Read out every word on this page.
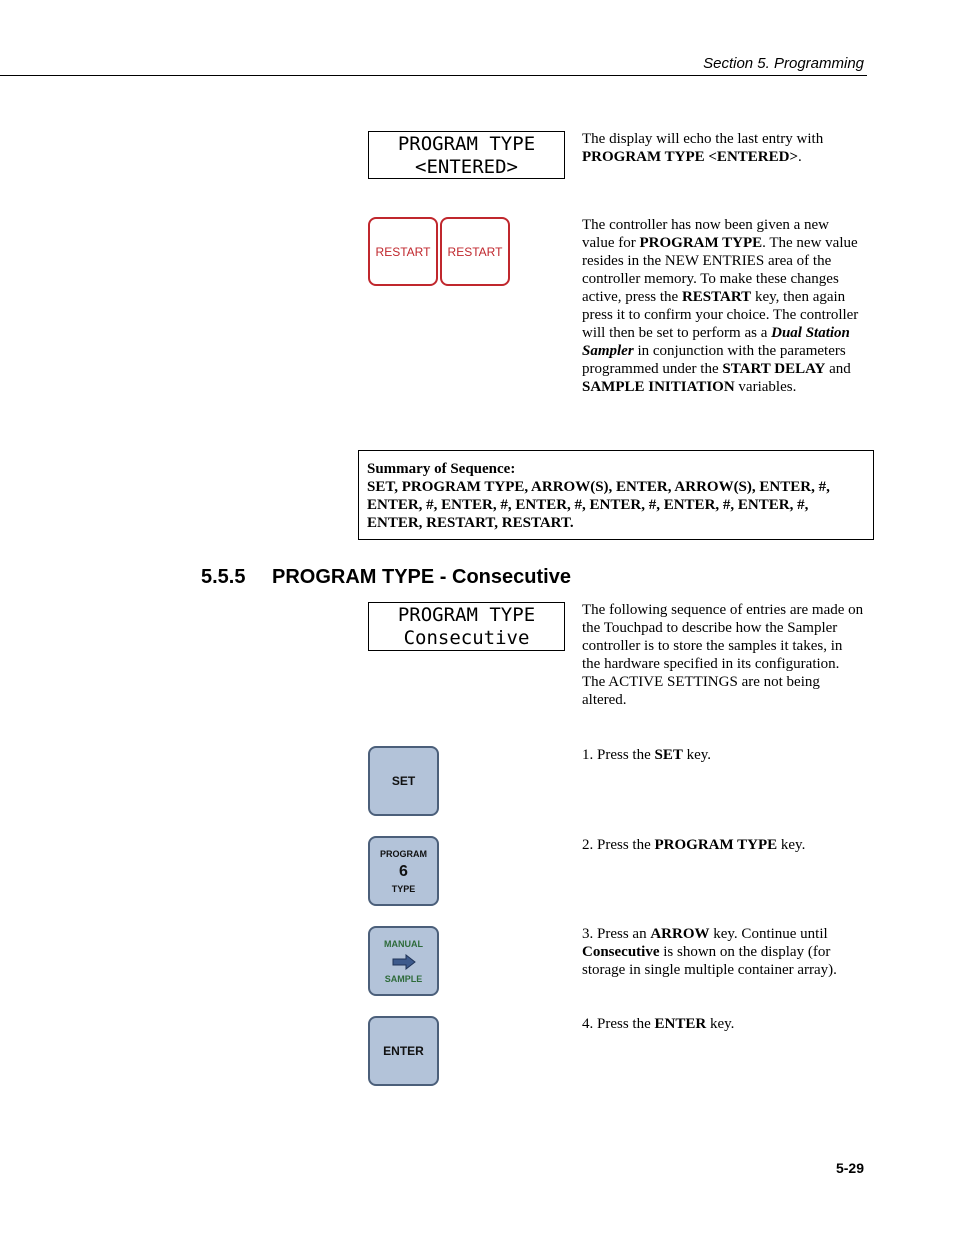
Section 5. Programming
PROGRAM TYPE
<ENTERED>
The display will echo the last entry with PROGRAM TYPE <ENTERED>.
RESTART RESTART
The controller has now been given a new value for PROGRAM TYPE. The new value resides in the NEW ENTRIES area of the controller memory. To make these changes active, press the RESTART key, then again press it to confirm your choice. The controller will then be set to perform as a Dual Station Sampler in conjunction with the parameters programmed under the START DELAY and SAMPLE INITIATION variables.
Summary of Sequence:
SET, PROGRAM TYPE, ARROW(S), ENTER, ARROW(S), ENTER, #, ENTER, #, ENTER, #, ENTER, #, ENTER, #, ENTER, #, ENTER, #, ENTER, RESTART, RESTART.
5.5.5 PROGRAM TYPE - Consecutive
PROGRAM TYPE
Consecutive
The following sequence of entries are made on the Touchpad to describe how the Sampler controller is to store the samples it takes, in the hardware specified in its configuration. The ACTIVE SETTINGS are not being altered.
SET
1. Press the SET key.
PROGRAM
6
TYPE
2. Press the PROGRAM TYPE key.
MANUAL
SAMPLE
3. Press an ARROW key. Continue until Consecutive is shown on the display (for storage in single multiple container array).
ENTER
4. Press the ENTER key.
5-29
